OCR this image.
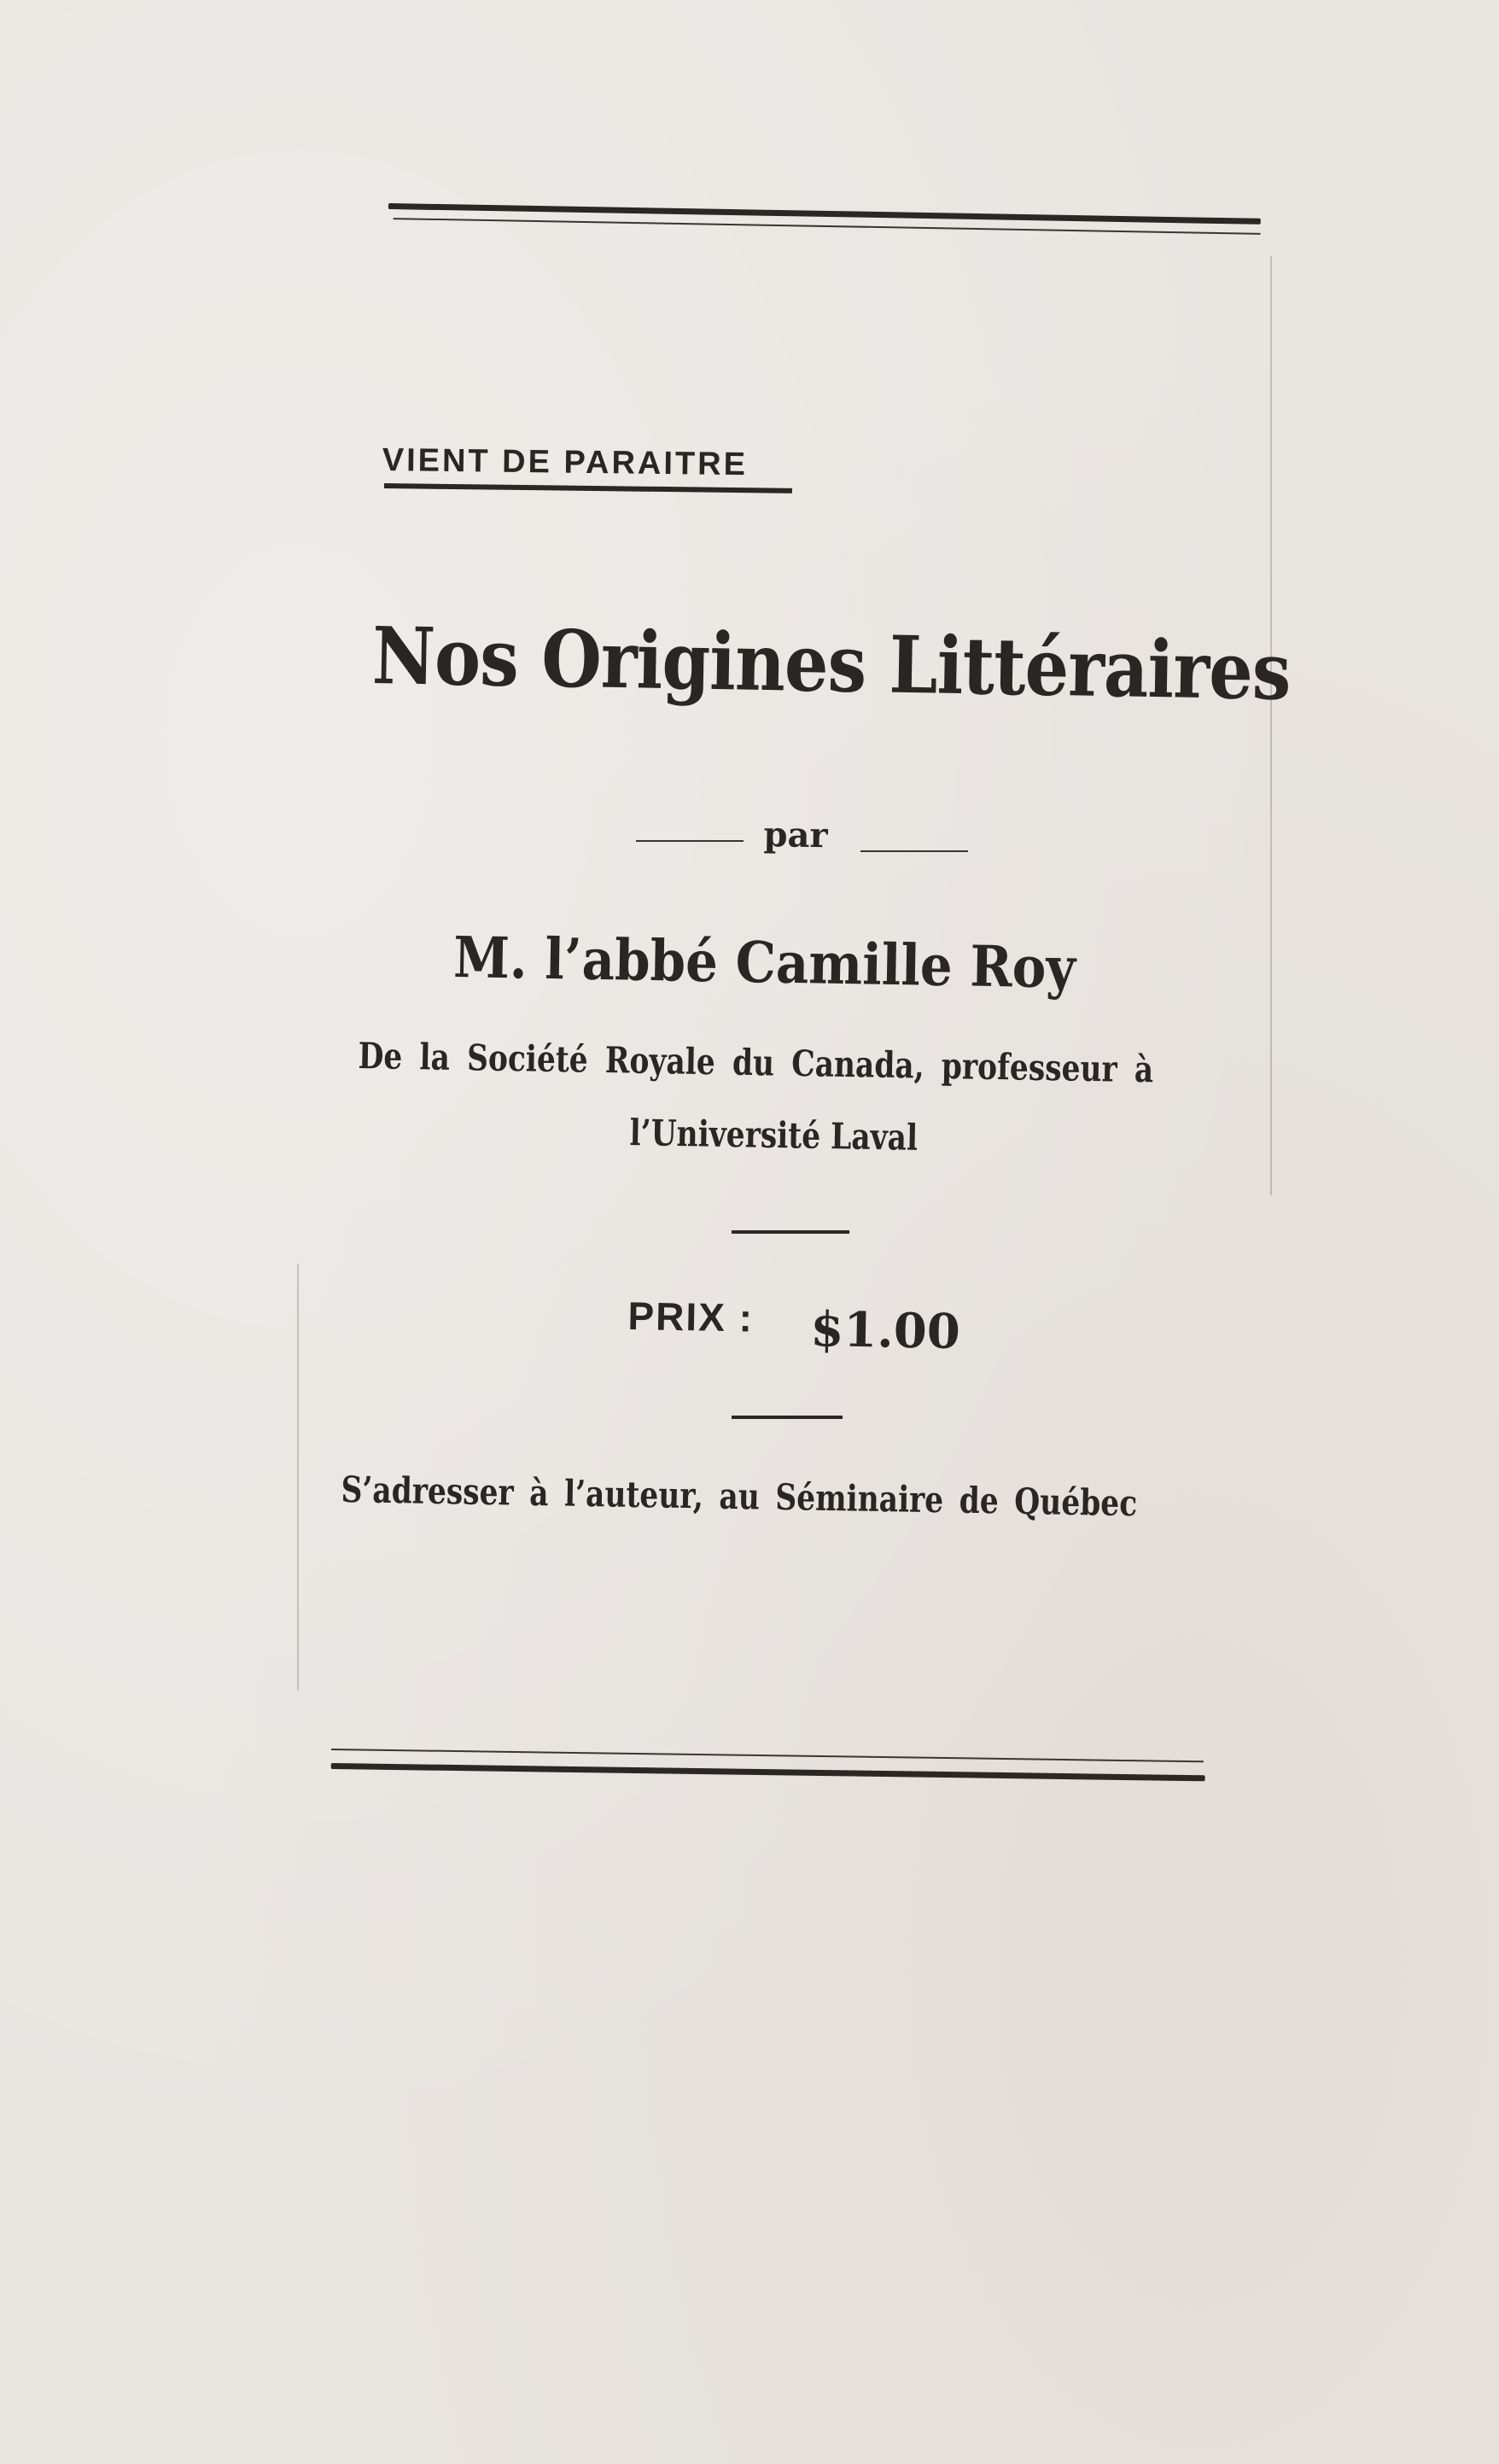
VIENT DE PARAITRE
Nos Origines Littéraires
par
M. l’abbé Camille Roy
De la Société Royale du Canada, professeur à
l’Université Laval
PRIX : $1.00
S’adresser à l’auteur, au Séminaire de Québec
